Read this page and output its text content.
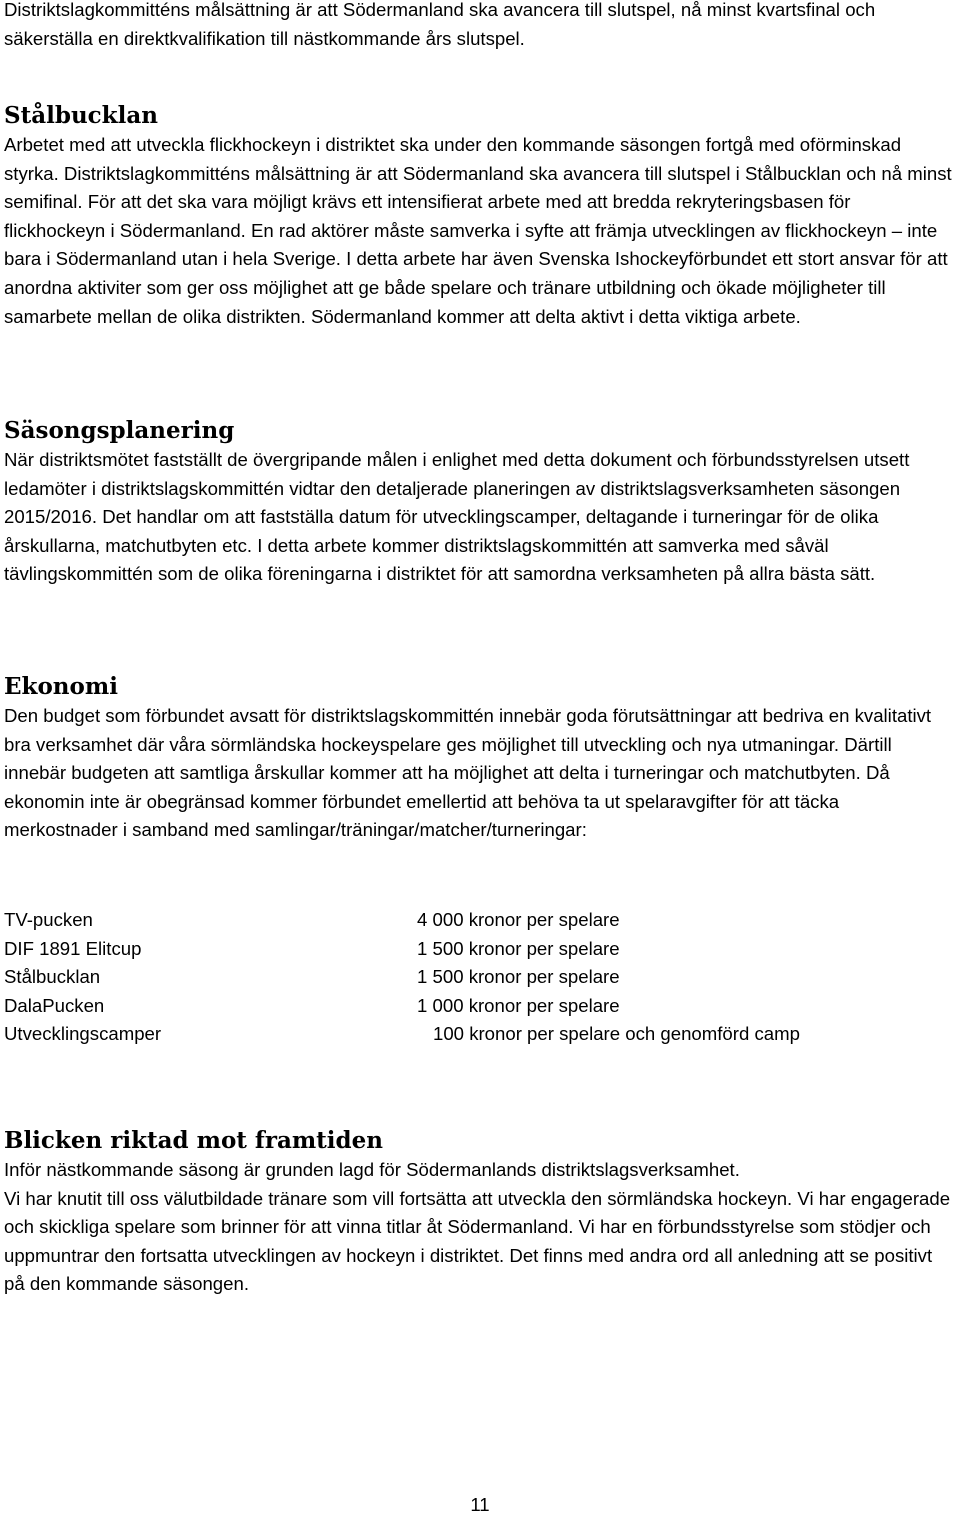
Distriktslagkommitténs målsättning är att Södermanland ska avancera till slutspel, nå minst kvartsfinal och säkerställa en direktkvalifikation till nästkommande års slutspel.

Stålbucklan

Arbetet med att utveckla flickhockeyn i distriktet ska under den kommande säsongen fortgå med oförminskad styrka. Distriktslagkommitténs målsättning är att Södermanland ska avancera till slutspel i Stålbucklan och nå minst semifinal. För att det ska vara möjligt krävs ett intensifierat arbete med att bredda rekryteringsbasen för flickhockeyn i Södermanland. En rad aktörer måste samverka i syfte att främja utvecklingen av flickhockeyn – inte bara i Södermanland utan i hela Sverige. I detta arbete har även Svenska Ishockeyförbundet ett stort ansvar för att anordna aktiviter som ger oss möjlighet att ge både spelare och tränare utbildning och ökade möjligheter till samarbete mellan de olika distrikten. Södermanland kommer att delta aktivt i detta viktiga arbete.

Säsongsplanering

När distriktsmötet fastställt de övergripande målen i enlighet med detta dokument och förbundsstyrelsen utsett ledamöter i distriktslagskommittén vidtar den detaljerade planeringen av distriktslagsverksamheten säsongen 2015/2016. Det handlar om att fastställa datum för utvecklingscamper, deltagande i turneringar för de olika årskullarna, matchutbyten etc. I detta arbete kommer distriktslagskommittén att samverka med såväl tävlingskommittén som de olika föreningarna i distriktet för att samordna verksamheten på allra bästa sätt.

Ekonomi

Den budget som förbundet avsatt för distriktslagskommittén innebär goda förutsättningar att bedriva en kvalitativt bra verksamhet där våra sörmländska hockeyspelare ges möjlighet till utveckling och nya utmaningar. Därtill innebär budgeten att samtliga årskullar kommer att ha möjlighet att delta i turneringar och matchutbyten. Då ekonomin inte är obegränsad kommer förbundet emellertid att behöva ta ut spelaravgifter för att täcka merkostnader i samband med samlingar/träningar/matcher/turneringar:

TV-pucken	4 000 kronor per spelare
DIF 1891 Elitcup	1 500 kronor per spelare
Stålbucklan	1 500 kronor per spelare
DalaPucken	1 000 kronor per spelare
Utvecklingscamper	100 kronor per spelare och genomförd camp
Blicken riktad mot framtiden

Inför nästkommande säsong är grunden lagd för Södermanlands distriktslagsverksamhet.

Vi har knutit till oss välutbildade tränare som vill fortsätta att utveckla den sörmländska hockeyn. Vi har engagerade och skickliga spelare som brinner för att vinna titlar åt Södermanland. Vi har en förbundsstyrelse som stödjer och uppmuntrar den fortsatta utvecklingen av hockeyn i distriktet. Det finns med andra ord all anledning att se positivt på den kommande säsongen.

11
